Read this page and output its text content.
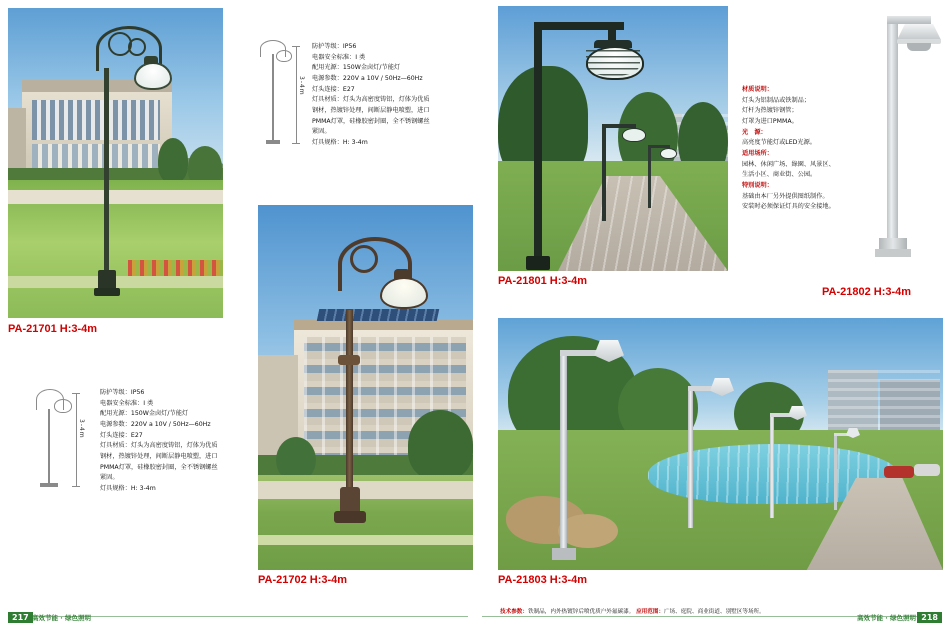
PA-21701 H:3-4m
3-4m
防护等级：IP56
电器安全标准：I 类
配用光源：150W金卤灯/节能灯
电源参数：220V a 10V / 50Hz—60Hz
灯头连接：E27
灯具材质：灯头为高密度铸铝，灯体为优质
钢材，热镀锌处理，间断层静电喷塑，进口
PMMA灯罩，硅橡胶密封圈，全不锈钢螺丝
紧固。
灯具规格：H: 3-4m
3-4m
防护等级：IP56
电器安全标准：I 类
配用光源：150W金卤灯/节能灯
电源参数：220V a 10V / 50Hz—60Hz
灯头连接：E27
灯具材质：灯头为高密度铸铝，灯体为优质
钢材，热镀锌处理，间断层静电喷塑，进口
PMMA灯罩，硅橡胶密封圈，全不锈钢螺丝
紧固。
灯具规格：H: 3-4m
PA-21702 H:3-4m
PA-21801 H:3-4m
材质说明：
灯头为铝制品或铁制品；
灯杆为热镀锌钢管；
灯罩为进口PMMA。
光　源：
高亮度节能灯或LED光源。
适用场所：
园林、休闲广场、綠園、风景区、
生活小区、商业街、公园。
特别说明：
基础由本厂另外提供图纸制作。
安装时必须保证灯具的安全接地。
PA-21802 H:3-4m
PA-21803 H:3-4m
技术参数：铁制品，内外热镀锌后喷优质户外氟碳漆。 应用范围：广场、庭院、商业街道、别墅区等场所。
217 高效节能 · 绿色照明	218
高效节能 · 绿色照明
